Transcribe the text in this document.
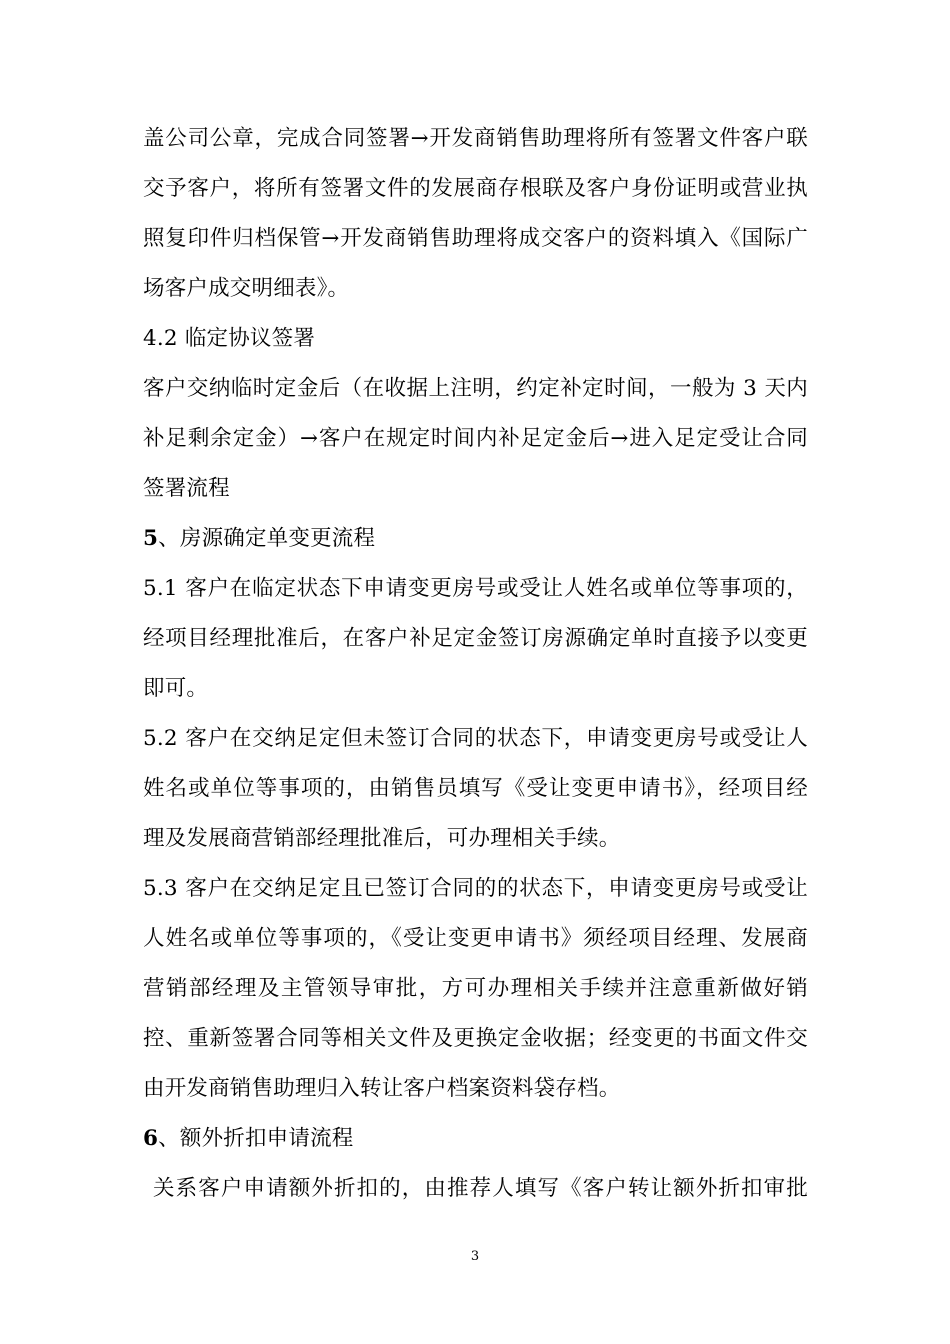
盖公司公章，完成合同签署→开发商销售助理将所有签署文件客户联
交予客户，将所有签署文件的发展商存根联及客户身份证明或营业执
照复印件归档保管→开发商销售助理将成交客户的资料填入《国际广
场客户成交明细表》。
4.2 临定协议签署
客户交纳临时定金后（在收据上注明，约定补定时间，一般为 3 天内
补足剩余定金）→客户在规定时间内补足定金后→进入足定受让合同
签署流程
5、房源确定单变更流程
5.1 客户在临定状态下申请变更房号或受让人姓名或单位等事项的，
经项目经理批准后，在客户补足定金签订房源确定单时直接予以变更
即可。
5.2 客户在交纳足定但未签订合同的状态下，申请变更房号或受让人
姓名或单位等事项的，由销售员填写《受让变更申请书》，经项目经
理及发展商营销部经理批准后，可办理相关手续。
5.3 客户在交纳足定且已签订合同的的状态下，申请变更房号或受让
人姓名或单位等事项的，《受让变更申请书》须经项目经理、发展商
营销部经理及主管领导审批，方可办理相关手续并注意重新做好销
控、重新签署合同等相关文件及更换定金收据；经变更的书面文件交
由开发商销售助理归入转让客户档案资料袋存档。
6、额外折扣申请流程
关系客户申请额外折扣的，由推荐人填写《客户转让额外折扣审批
3
